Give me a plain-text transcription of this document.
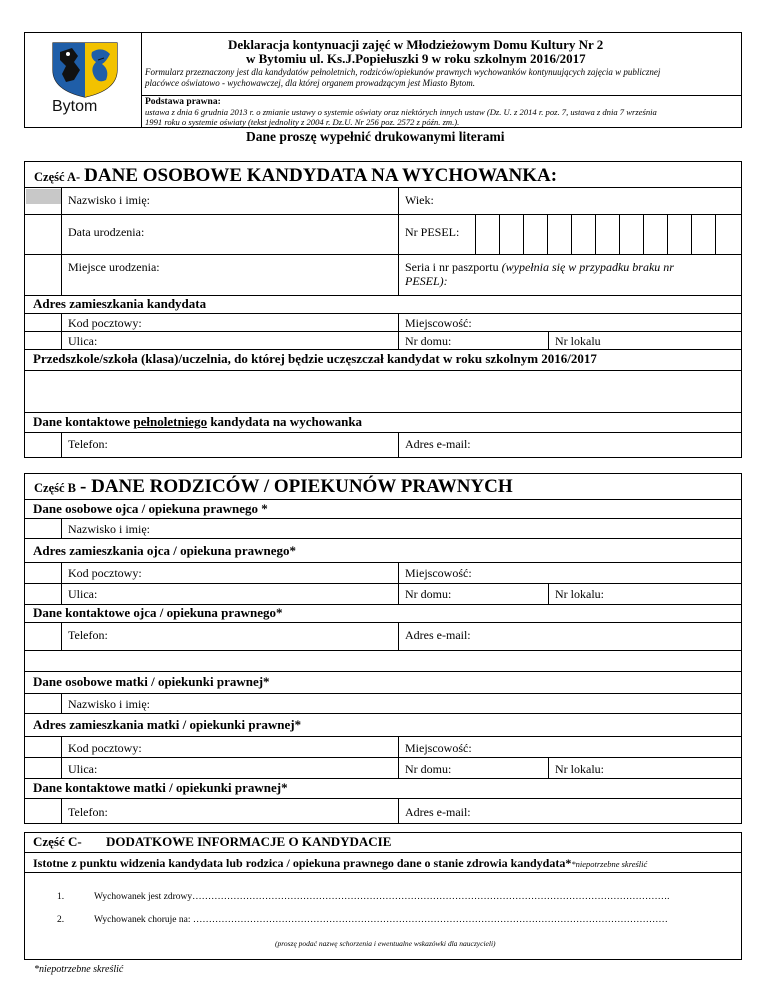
Bytom
Deklaracja kontynuacji zajęć w Młodzieżowym Domu Kultury Nr 2
w Bytomiu ul. Ks.J.Popiełuszki 9 w roku szkolnym 2016/2017
Formularz przeznaczony jest dla kandydatów pełnoletnich, rodziców/opiekunów prawnych wychowanków kontynuujących zajęcia w publicznej
placówce oświatowo - wychowawczej, dla której organem prowadzącym jest Miasto Bytom.
Podstawa prawna:
ustawa z dnia 6 grudnia 2013 r. o zmianie ustawy o systemie oświaty oraz niektórych innych ustaw (Dz. U. z 2014 r. poz. 7, ustawa z dnia 7 września
1991 roku o systemie oświaty (tekst jednolity z 2004 r. Dz.U. Nr 256 poz. 2572 z późn. zm.).
Dane proszę wypełnić drukowanymi literami
Część A- DANE OSOBOWE KANDYDATA NA WYCHOWANKA:
Nazwisko i imię:	Wiek:
Data urodzenia:	Nr PESEL:
Miejsce urodzenia:	Seria i nr paszportu (wypełnia się w przypadku braku nr
PESEL):
Adres zamieszkania kandydata
Kod pocztowy:	Miejscowość:
Ulica:	Nr domu:	Nr lokalu
Przedszkole/szkoła (klasa)/uczelnia, do której będzie uczęszczał kandydat w roku szkolnym 2016/2017
Dane kontaktowe pełnoletniego kandydata na wychowanka
Telefon:	Adres e-mail:
Część B - DANE RODZICÓW / OPIEKUNÓW PRAWNYCH
Dane osobowe ojca / opiekuna prawnego *
Nazwisko i imię:
Adres zamieszkania ojca / opiekuna prawnego*
Kod pocztowy:	Miejscowość:
Ulica:	Nr domu:	Nr lokalu:
Dane kontaktowe ojca / opiekuna prawnego*
Telefon:	Adres e-mail:
Dane osobowe matki / opiekunki prawnej*
Nazwisko i imię:
Adres zamieszkania matki / opiekunki prawnej*
Kod pocztowy:	Miejscowość:
Ulica:	Nr domu:	Nr lokalu:
Dane kontaktowe matki / opiekunki prawnej*
Telefon:	Adres e-mail:
Część C- DODATKOWE INFORMACJE O KANDYDACIE
Istotne z punktu widzenia kandydata lub rodzica / opiekuna prawnego dane o stanie zdrowia kandydata**niepotrzebne skreślić
1.	Wychowanek jest zdrowy…………………………………………………………………………………………………………………………………….
2.	Wychowanek choruje na: ……………………………………………………………………………………………………………………………………
(proszę podać nazwę schorzenia i ewentualne wskazówki dla nauczycieli)
*niepotrzebne skreślić
